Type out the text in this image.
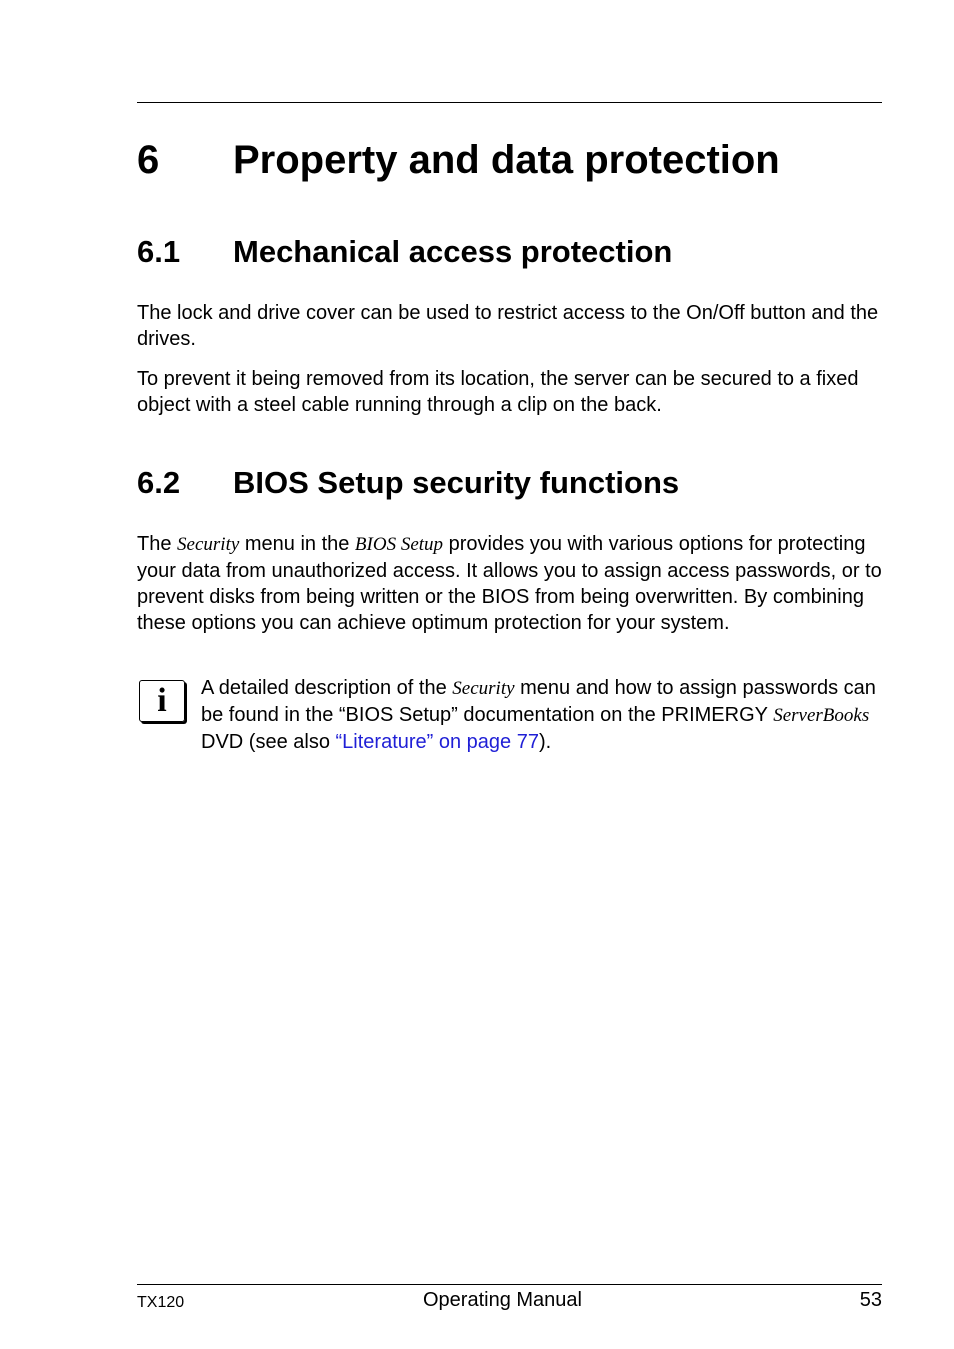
6 Property and data protection
6.1 Mechanical access protection

The lock and drive cover can be used to restrict access to the On/Off button and the drives.

To prevent it being removed from its location, the server can be secured to a fixed object with a steel cable running through a clip on the back.

6.2 BIOS Setup security functions

The Security menu in the BIOS Setup provides you with various options for protecting your data from unauthorized access. It allows you to assign access passwords, or to prevent disks from being written or the BIOS from being overwritten. By combining these options you can achieve optimum protection for your system.

i A detailed description of the Security menu and how to assign passwords can be found in the “BIOS Setup” documentation on the PRIMERGY ServerBooks DVD (see also “Literature” on page 77).

TX120	Operating Manual	53
